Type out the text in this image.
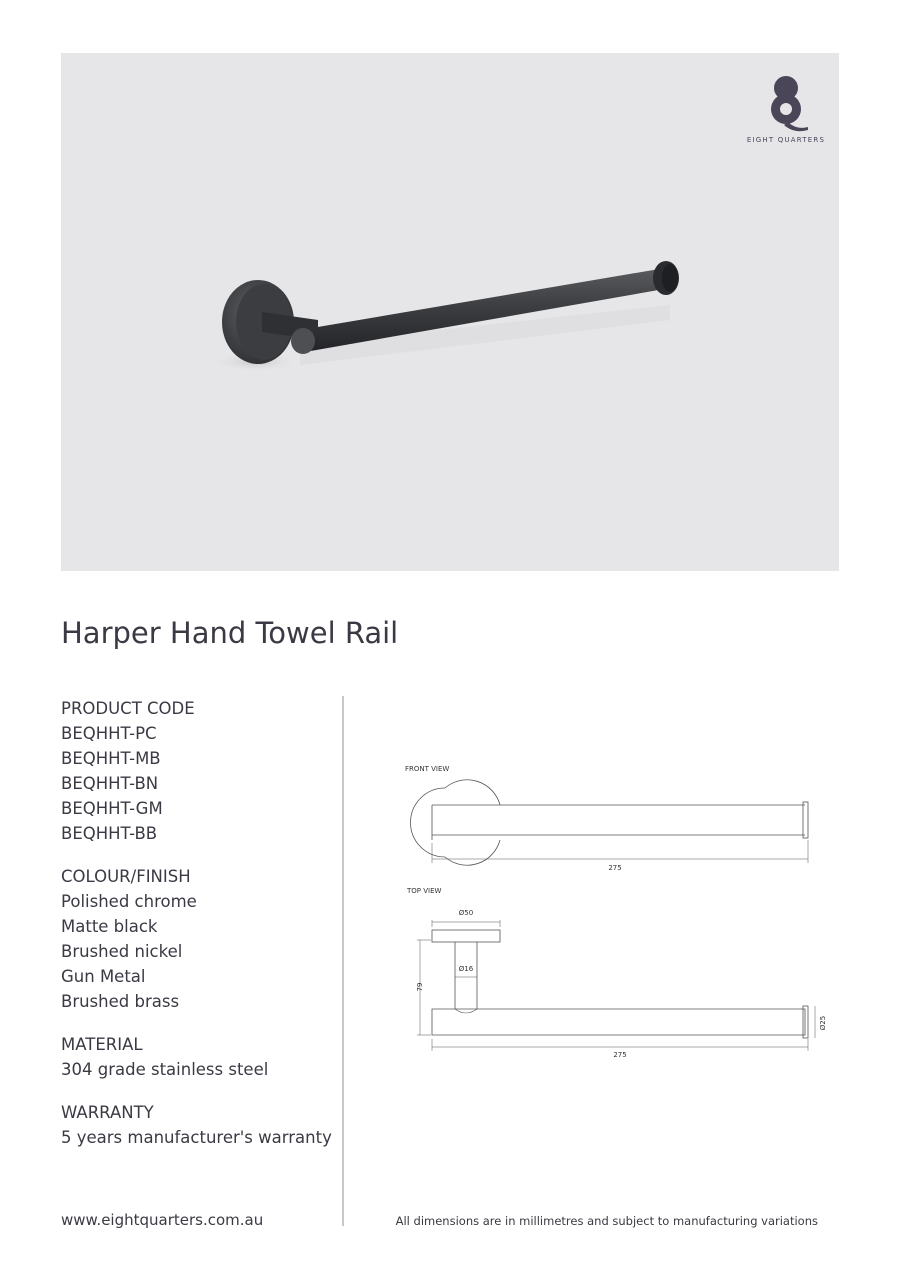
EIGHT QUARTERS
Harper Hand Towel Rail
PRODUCT CODE
BEQHHT-PC
BEQHHT-MB
BEQHHT-BN
BEQHHT-GM
BEQHHT-BB
COLOUR/FINISH
Polished chrome
Matte black
Brushed nickel
Gun Metal
Brushed brass
MATERIAL
304 grade stainless steel
WARRANTY
5 years manufacturer's warranty
FRONT VIEW
275
TOP VIEW
Ø50
Ø16
79
Ø25
275
www.eightquarters.com.au	All dimensions are in millimetres and subject to manufacturing variations
